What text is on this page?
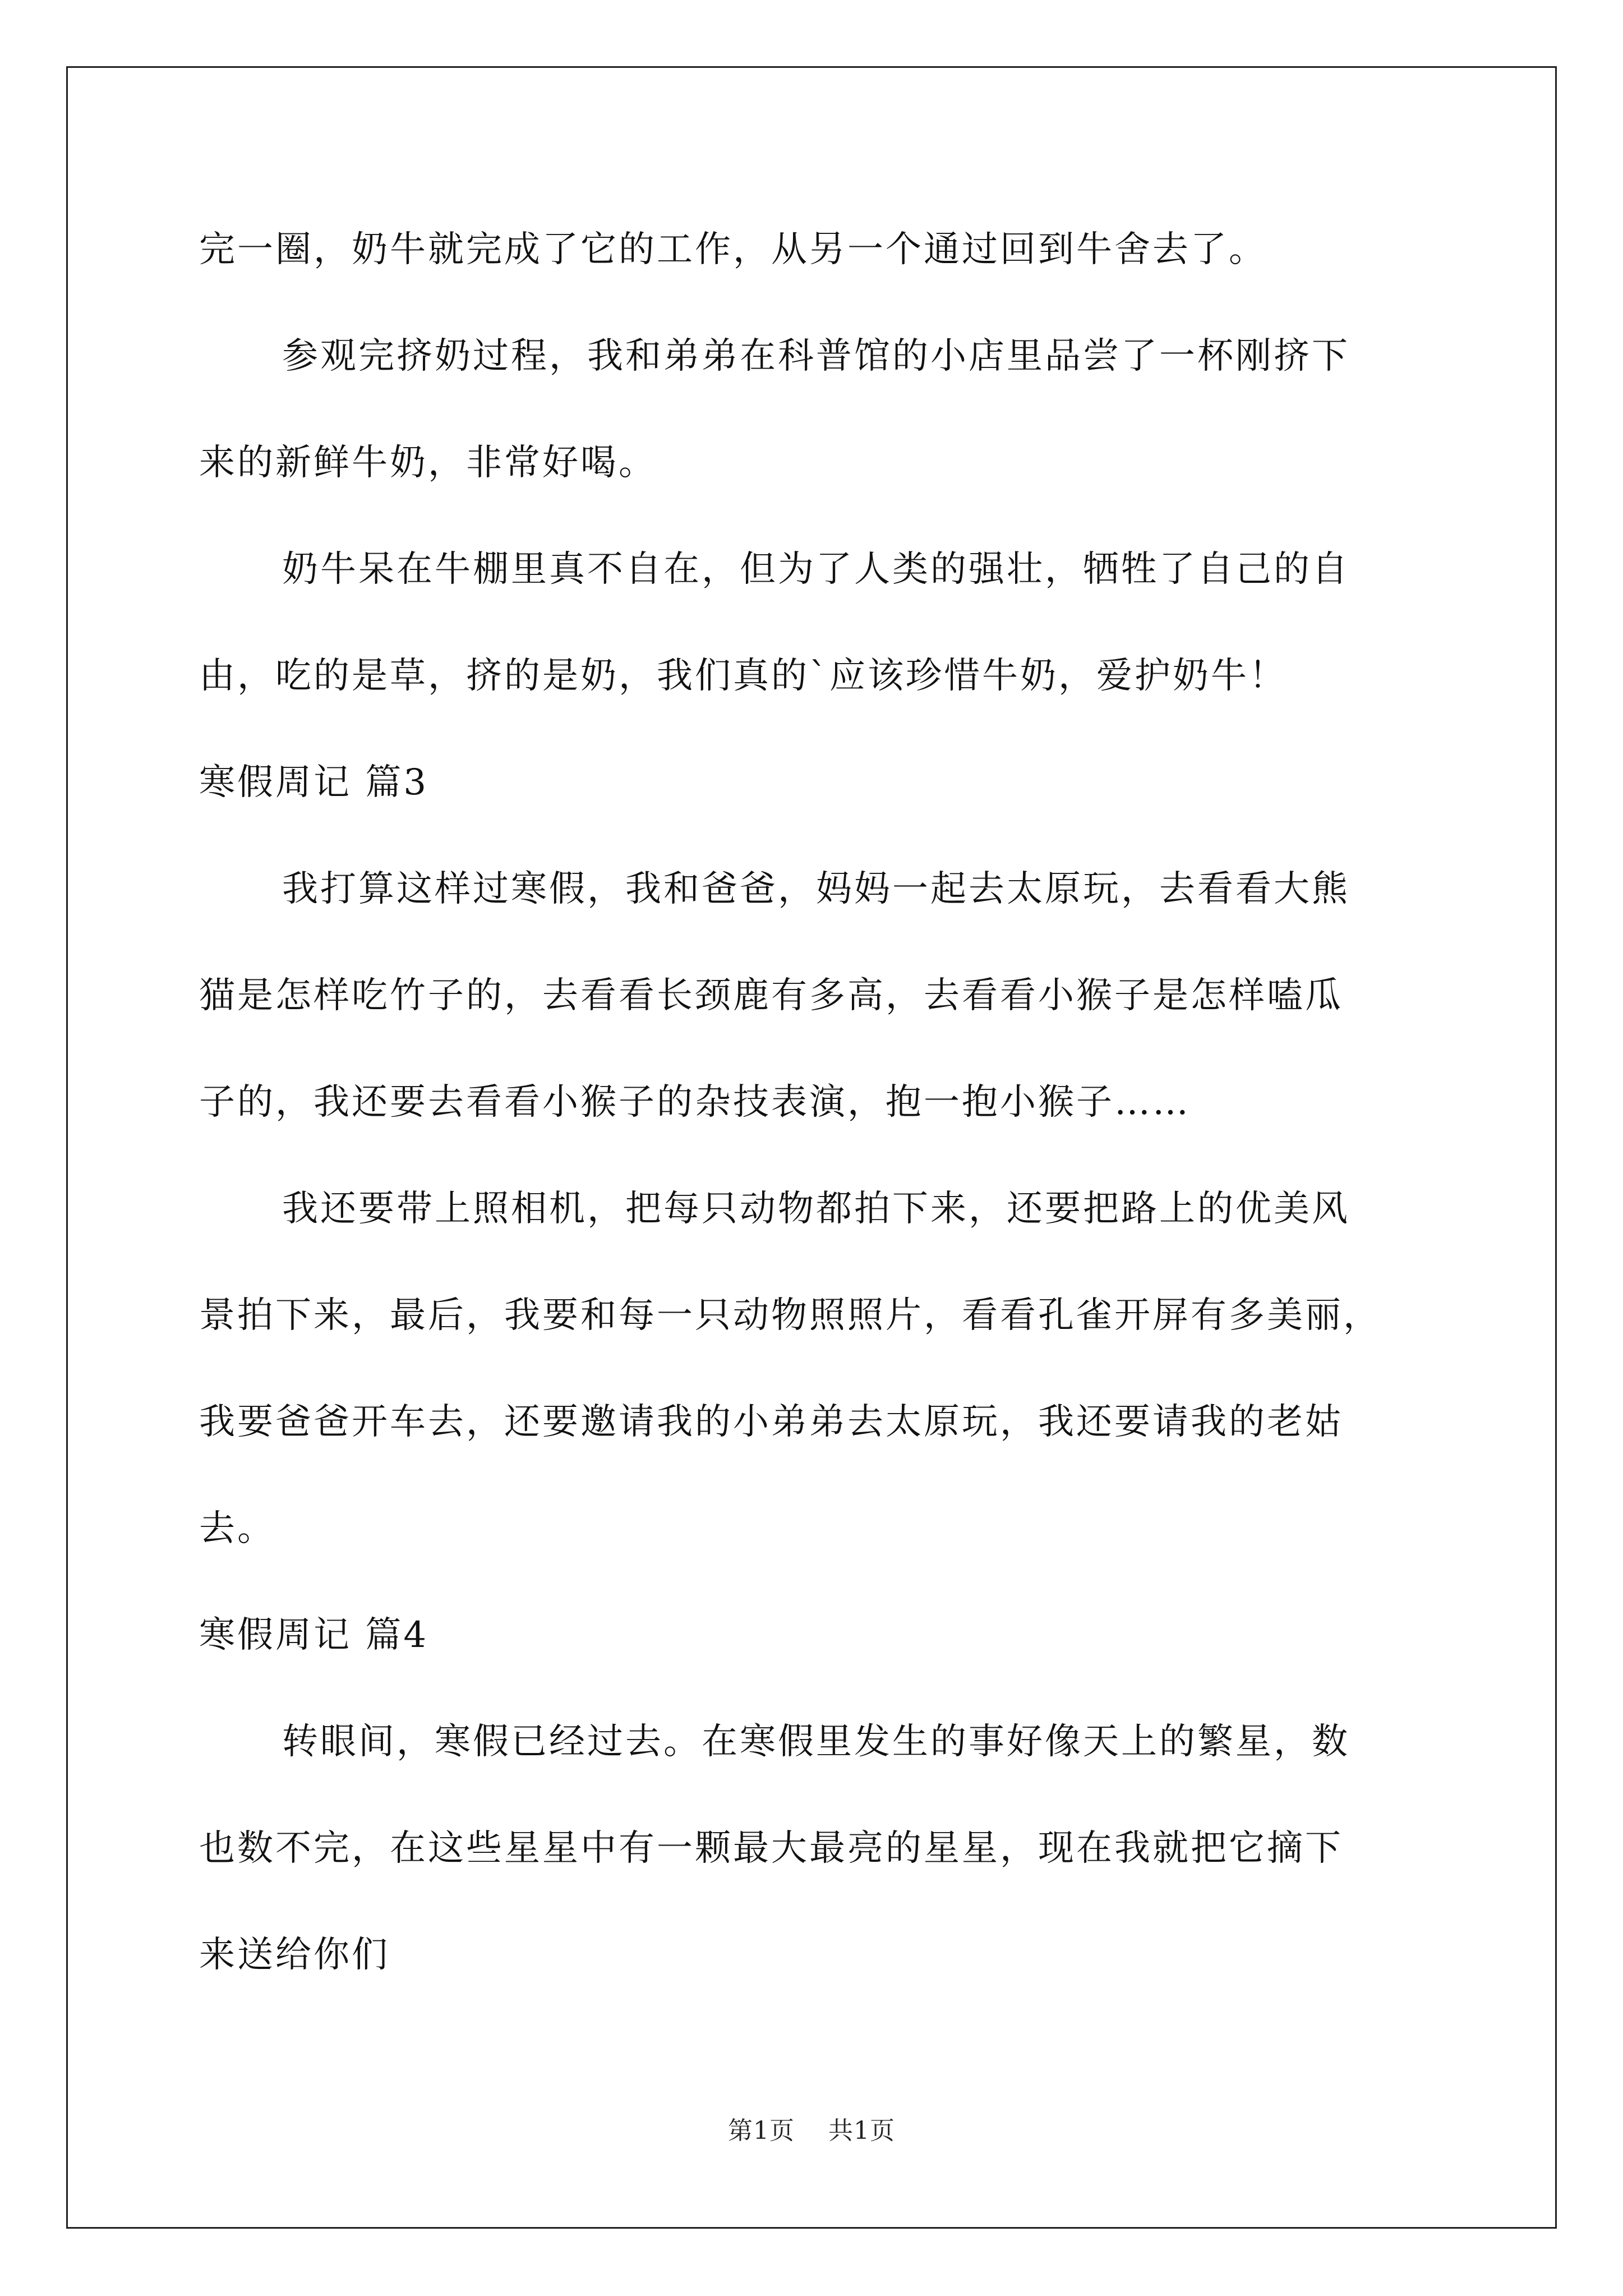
完一圈，奶牛就完成了它的工作，从另一个通过回到牛舍去了。
参观完挤奶过程，我和弟弟在科普馆的小店里品尝了一杯刚挤下
来的新鲜牛奶，非常好喝。
奶牛呆在牛棚里真不自在，但为了人类的强壮，牺牲了自己的自
由，吃的是草，挤的是奶，我们真的`应该珍惜牛奶，爱护奶牛！
寒假周记 篇3
我打算这样过寒假，我和爸爸，妈妈一起去太原玩，去看看大熊
猫是怎样吃竹子的，去看看长颈鹿有多高，去看看小猴子是怎样嗑瓜
子的，我还要去看看小猴子的杂技表演，抱一抱小猴子……
我还要带上照相机，把每只动物都拍下来，还要把路上的优美风
景拍下来，最后，我要和每一只动物照照片，看看孔雀开屏有多美丽，
我要爸爸开车去，还要邀请我的小弟弟去太原玩，我还要请我的老姑
去。
寒假周记 篇4
转眼间，寒假已经过去。在寒假里发生的事好像天上的繁星，数
也数不完，在这些星星中有一颗最大最亮的星星，现在我就把它摘下
来送给你们
第1页 共1页
